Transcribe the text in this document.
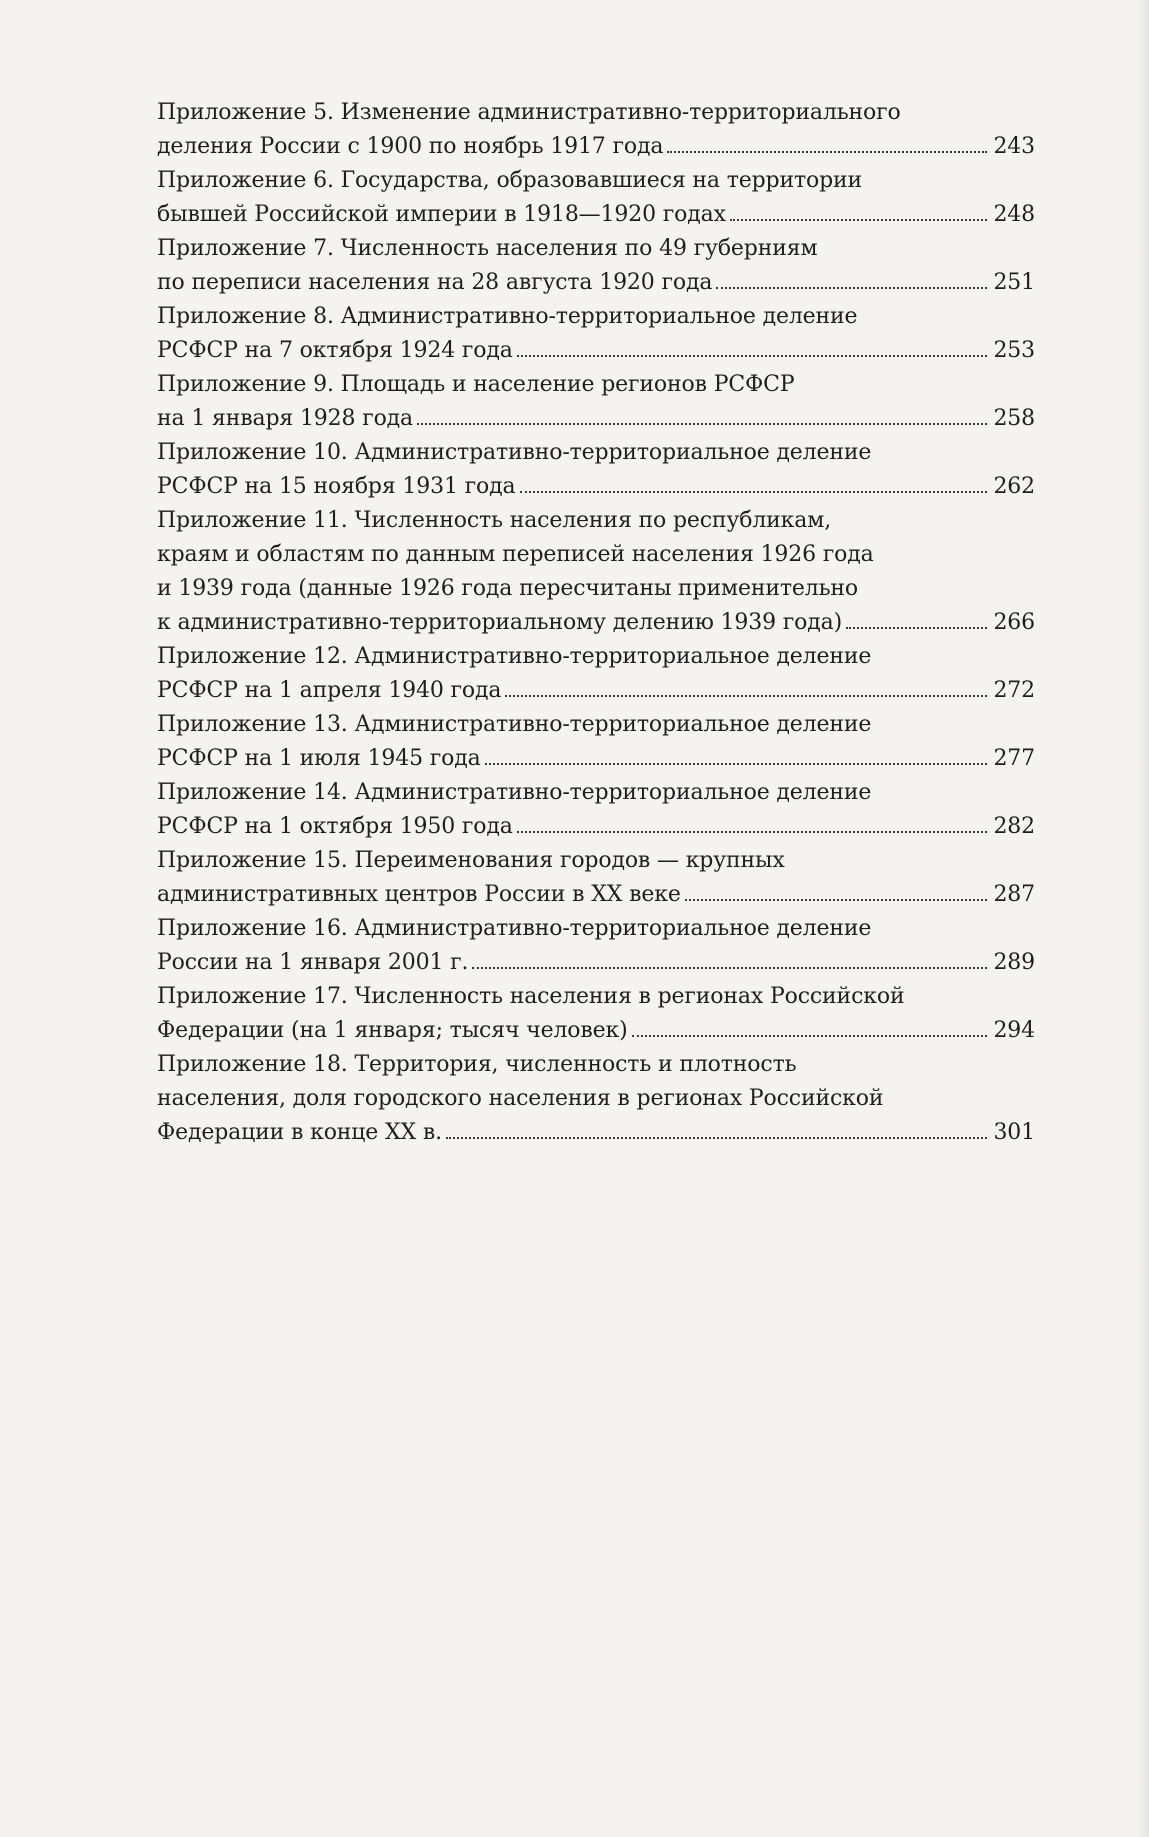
Приложение 5. Изменение административно-территориального
деления России с 1900 по ноябрь 1917 года	243
Приложение 6. Государства, образовавшиеся на территории
бывшей Российской империи в 1918—1920 годах	248
Приложение 7. Численность населения по 49 губерниям
по переписи населения на 28 августа 1920 года	251
Приложение 8. Административно-территориальное деление
РСФСР на 7 октября 1924 года	253
Приложение 9. Площадь и население регионов РСФСР
на 1 января 1928 года	258
Приложение 10. Административно-территориальное деление
РСФСР на 15 ноября 1931 года	262
Приложение 11. Численность населения по республикам,
краям и областям по данным переписей населения 1926 года
и 1939 года (данные 1926 года пересчитаны применительно
к административно-территориальному делению 1939 года)	266
Приложение 12. Административно-территориальное деление
РСФСР на 1 апреля 1940 года	272
Приложение 13. Административно-территориальное деление
РСФСР на 1 июля 1945 года	277
Приложение 14. Административно-территориальное деление
РСФСР на 1 октября 1950 года	282
Приложение 15. Переименования городов — крупных
административных центров России в XX веке	287
Приложение 16. Административно-территориальное деление
России на 1 января 2001 г.	289
Приложение 17. Численность населения в регионах Российской
Федерации (на 1 января; тысяч человек)	294
Приложение 18. Территория, численность и плотность
населения, доля городского населения в регионах Российской
Федерации в конце XX в.	301
